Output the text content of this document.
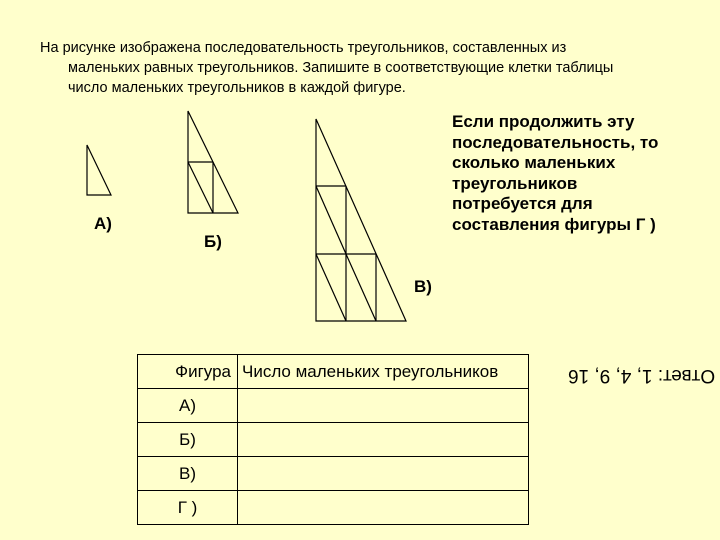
На рисунке изображена последовательность треугольников, составленных из
маленьких равных треугольников. Запишите в соответствующие клетки таблицы
число маленьких треугольников в каждой фигуре.
А)
Б)
В)
Если продолжить эту
последовательность, то
сколько маленьких
треугольников
потребуется для
составления фигуры Г )
Фигура	Число маленьких треугольников
А)	
Б)	
В)	
Г )	
Ответ: 1, 4, 9, 16
